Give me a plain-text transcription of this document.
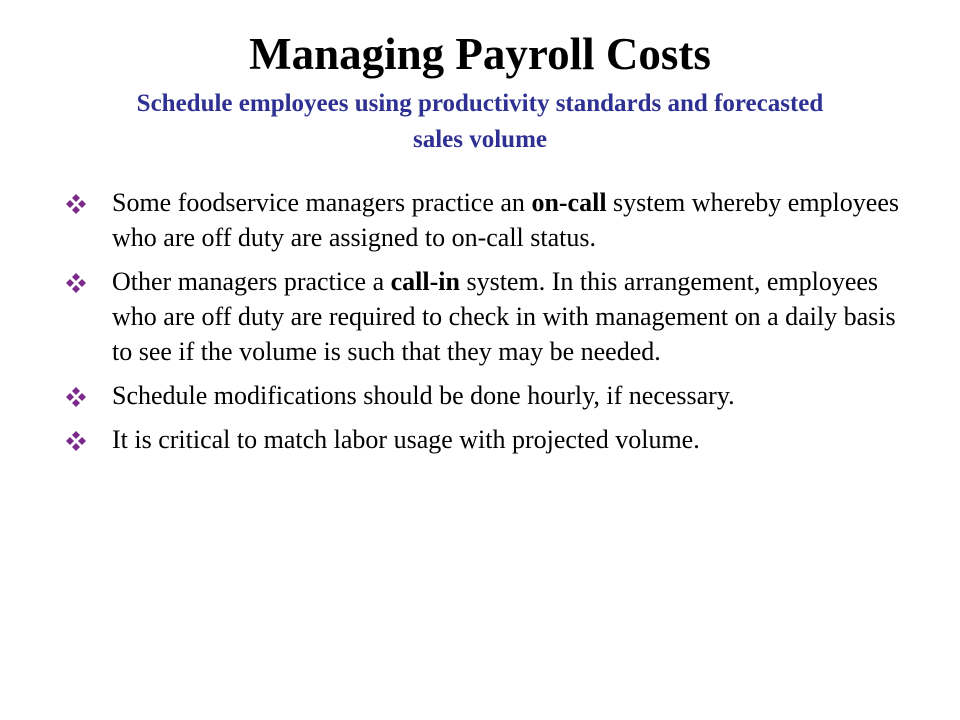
Managing Payroll Costs
Schedule employees using productivity standards and forecasted sales volume
Some foodservice managers practice an on-call system whereby employees who are off duty are assigned to on-call status.
Other managers practice a call-in system. In this arrangement, employees who are off duty are required to check in with management on a daily basis to see if the volume is such that they may be needed.
Schedule modifications should be done hourly, if necessary.
It is critical to match labor usage with projected volume.
